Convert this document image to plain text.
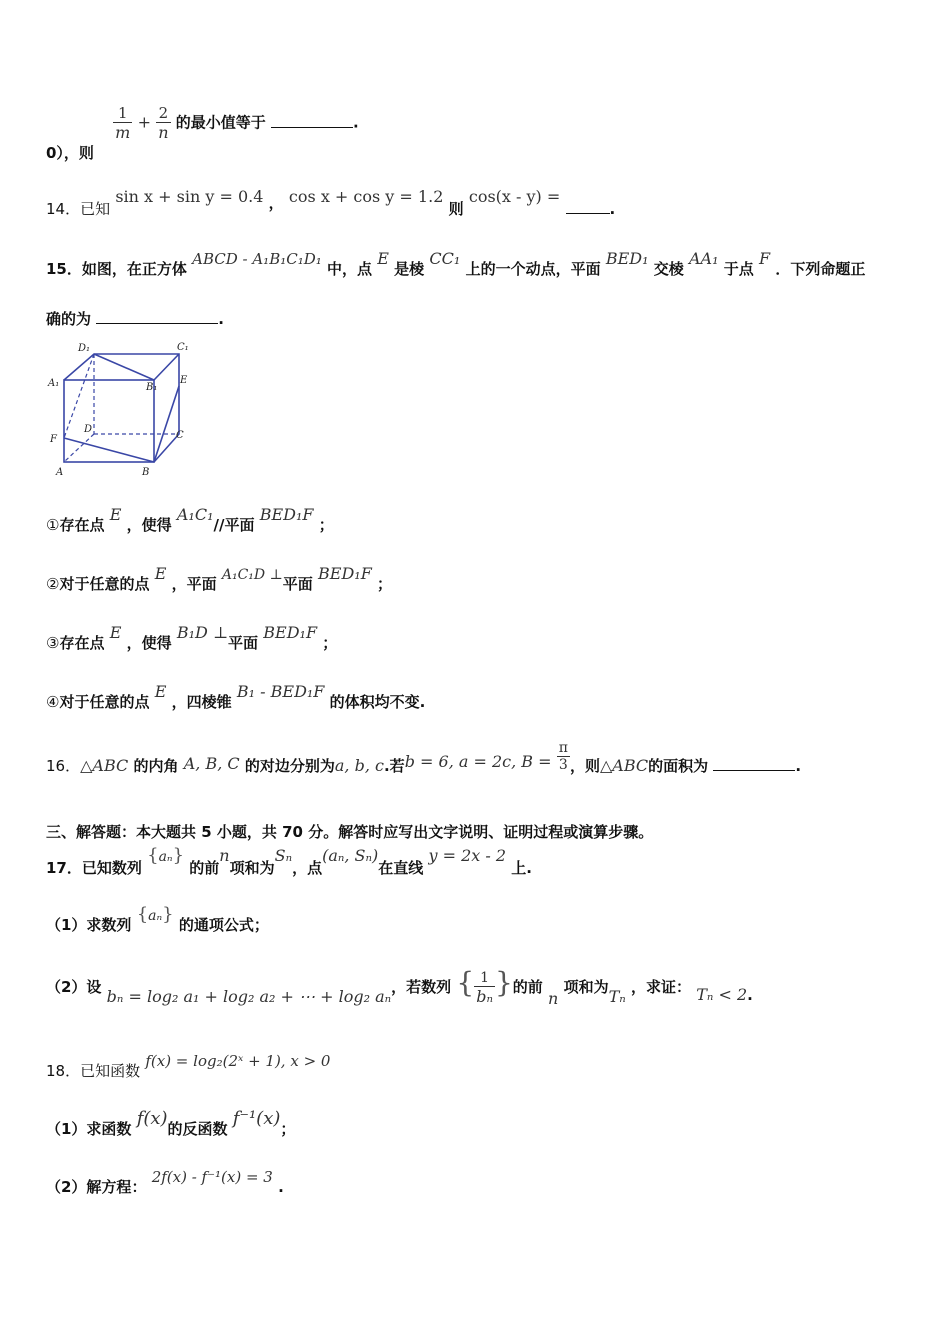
0），则
$\frac{1}{m} + \frac{2}{n}$ 的最小值等于	.
14．已知 sin x + sin y = 0.4 ， cos x + cos y = 1.2 则 cos(x - y) = .
15．如图，在正方体 ABCD - A₁B₁C₁D₁ 中，点 E 是棱 CC₁ 上的一个动点，平面 BED₁ 交棱 AA₁ 于点 F ．下列命题正
确的为	.
D₁	C₁
A₁	B₁
E
D
C
F
A	B
①存在点 E ，使得 A₁C₁//平面 BED₁F ；
②对于任意的点 E ，平面 A₁C₁D ⊥平面 BED₁F ；
③存在点 E ，使得 B₁D ⊥平面 BED₁F ；
④对于任意的点 E ，四棱锥 B₁ - BED₁F 的体积均不变.
16．△ABC 的内角 A, B, C 的对边分别为a, b, c.若b = 6, a = 2c, $B = \frac{\pi}{3}$ ，则△ABC的面积为	.
三、解答题：本大题共 5 小题，共 70 分。解答时应写出文字说明、证明过程或演算步骤。
17．已知数列 {aₙ} 的前n项和为Sₙ，点(aₙ, Sₙ)在直线 y = 2x - 2 上.
（1）求数列 {aₙ} 的通项公式；
（2）设 bₙ = log₂ a₁ + log₂ a₂ + ⋯ + log₂ aₙ，若数列 { $\frac{1}{\text{bₙ}}$ }的前 n 项和为Tₙ ，求证： Tₙ < 2.
18．已知函数 f(x) = log₂(2ˣ + 1), x > 0
（1）求函数 f(x)的反函数 f⁻¹(x)；
（2）解方程： 2f(x) - f⁻¹(x) = 3 .
